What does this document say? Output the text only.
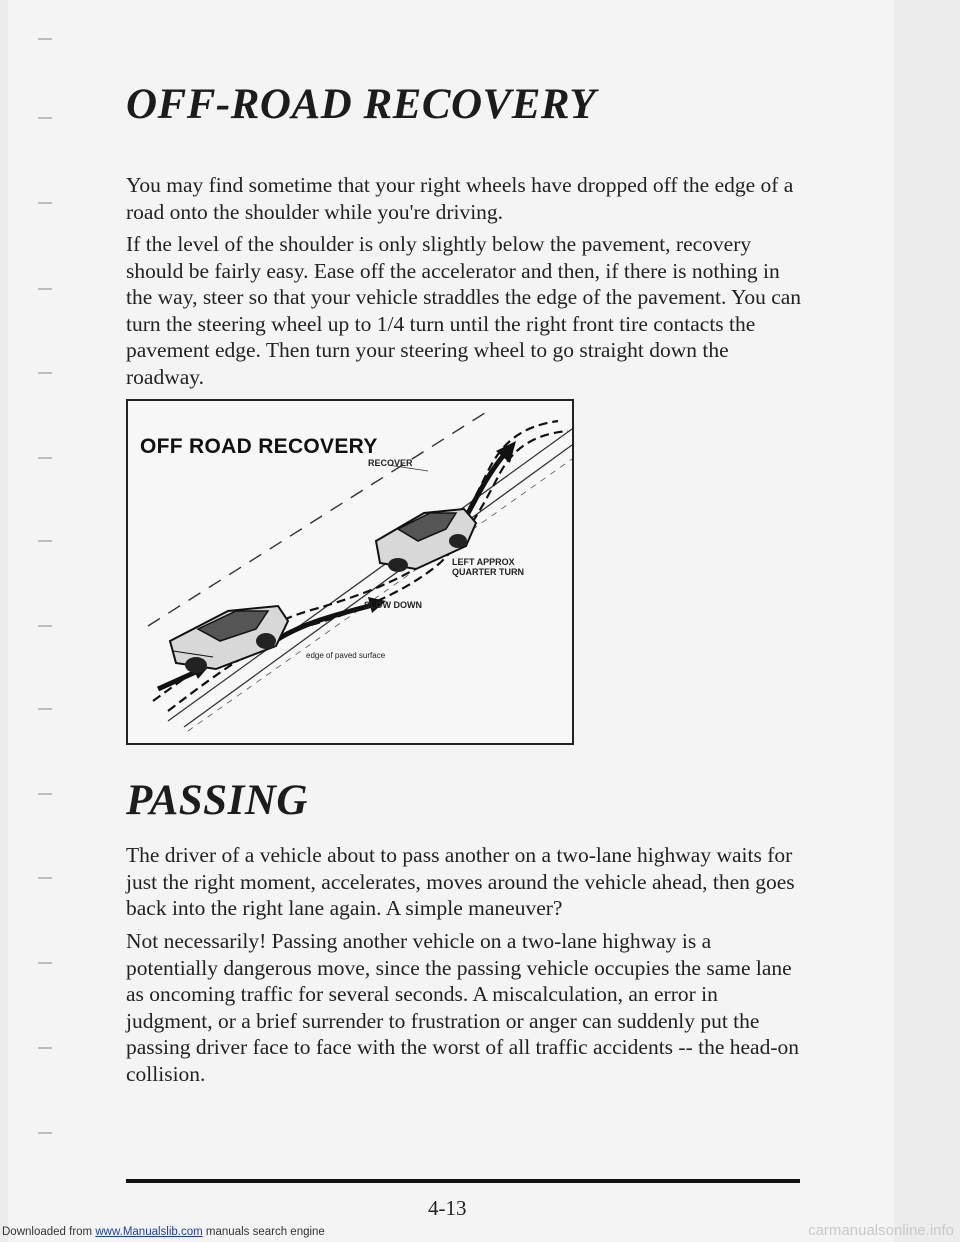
OFF-ROAD RECOVERY

You may find sometime that your right wheels have dropped off the edge of a road onto the shoulder while you're driving.

If the level of the shoulder is only slightly below the pavement, recovery should be fairly easy. Ease off the accelerator and then, if there is nothing in the way, steer so that your vehicle straddles the edge of the pavement. You can turn the steering wheel up to 1/4 turn until the right front tire contacts the pavement edge. Then turn your steering wheel to go straight down the roadway.

OFF ROAD RECOVERY
RECOVER
LEFT APPROX
QUARTER TURN
SLOW DOWN
edge of paved surface
PASSING

The driver of a vehicle about to pass another on a two-lane highway waits for just the right moment, accelerates, moves around the vehicle ahead, then goes back into the right lane again. A simple maneuver?

Not necessarily! Passing another vehicle on a two-lane highway is a potentially dangerous move, since the passing vehicle occupies the same lane as oncoming traffic for several seconds. A miscalculation, an error in judgment, or a brief surrender to frustration or anger can suddenly put the passing driver face to face with the worst of all traffic accidents -- the head-on collision.

4-13
Downloaded from www.Manualslib.com manuals search engine	carmanualsonline.info
